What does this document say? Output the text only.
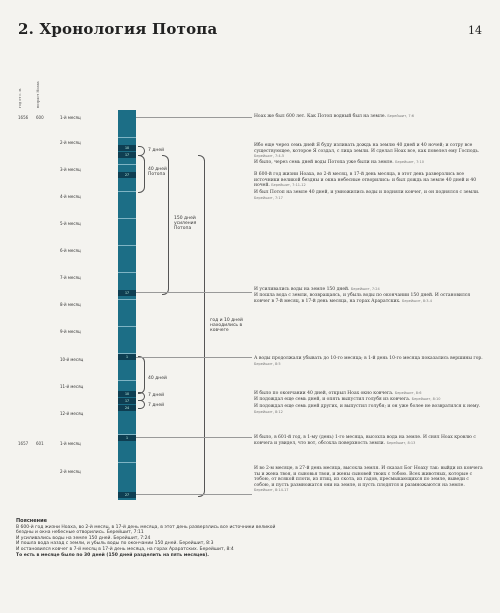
2. Хронология Потопа	14
год от с. м.	возраст Ноаха
1656 600
1657 601
1-й месяц
2-й месяц
3-й месяц
4-й месяц
5-й месяц
6-й месяц
7-й месяц
8-й месяц
9-й месяц
10-й месяц
11-й месяц
12-й месяц
1-й месяц
2-й месяц
10
17
27
17
1
10
17
24
1
27
7 дней
40 дней Потопа
150 дней усиления Потопа
год и 10 дней находились в ковчеге
40 дней
7 дней
7 дней
Ноах же был 600 лет. Как Потоп водный был на земле. Берейшит, 7:6
Ибо еще через семь дней Я буду изливать дождь на землю 40 дней и 40 ночей; и сотру все существующее, которое Я создал, с лица земли. И сделал Ноах все, как повелел ему Господь. Берейшит, 7:4-5
И было, через семь дней воды Потопа уже были на земле. Берейшит, 7:10
В 600-й год жизни Ноаха, во 2-й месяц, в 17-й день месяца, в этот день разверзлись все источники великой бездны и окна небесные отворились: и был дождь на земле 40 дней и 40 ночей. Берейшит, 7:11-12
И был Потоп на земле 40 дней, и умножились воды и подняли ковчег, и он поднялся с земли. Берейшит, 7:17
И усиливались воды на земле 150 дней. Берейшит, 7:24
И пошла вода с земли, возвращаясь, и убыль воды по окончании 150 дней. И остановился ковчег в 7-й месяц, в 17-й день месяца, на горах Араратских. Берейшит, 8:3-4
А воды продолжали убывать до 10-го месяца; в 1-й день 10-го месяца показались вершины гор. Берейшит, 8:5
И было по окончании 40 дней, открыл Ноах окно ковчега. Берейшит, 8:6
И подождал еще семь дней, и опять выпустил голубя из ковчега. Берейшит, 8:10
И подождал еще семь дней других, и выпустил голубя; и он уже более не возвратился к нему. Берейшит, 8:12
И было, в 601-й год, в 1-му (день) 1-го месяца, высохла вода на земле. И снял Ноах кровлю с ковчега и увидел, что вот, обсохла поверхность земли. Берейшит, 8:13
И во 2-м месяце, в 27-й день месяца, высохла земля. И сказал Бог Ноаху так: выйди из ковчега ты и жена твоя, и сыновья твои, и жены сыновей твоих с тобою. Всех животных, которые с тобою, от всякой плоти, из птиц, из скота, из гадов, пресмыкающихся по земле, выведи с собою, и пусть размножатся они на земле, и пусть плодятся и размножаются на земле. Берейшит, 8:14-17
Пояснение
В 600-й год жизни Ноаха, во 2-й месяц, в 17-й день месяца, в этот день разверзлись все источники великой бездны и окна небесные отворились. Берейшит, 7:11
И усиливались воды на земле 150 дней. Берейшит, 7:24
И пошла вода назад с земли, и убыль воды по окончании 150 дней. Берейшит, 8:3
И остановился ковчег в 7-й месяц в 17-й день месяца, на горах Араратских. Берейшит, 8:4
То есть в месяце было по 30 дней (150 дней разделить на пять месяцев).
